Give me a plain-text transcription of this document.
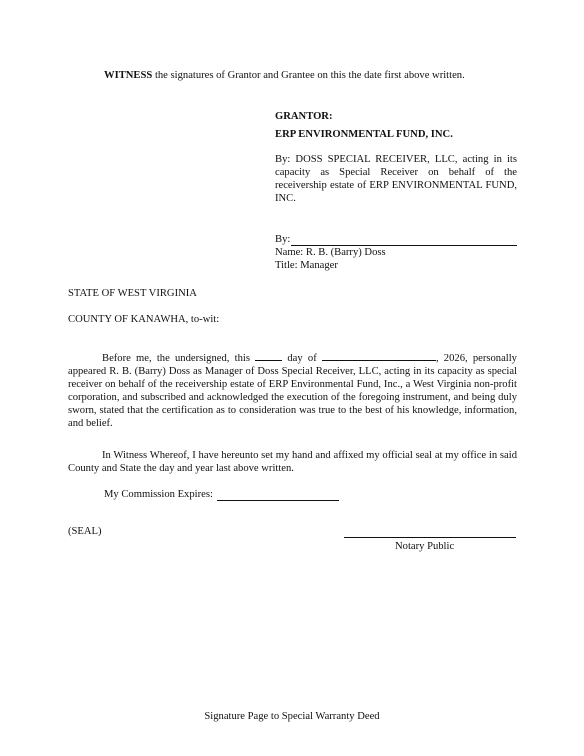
WITNESS the signatures of Grantor and Grantee on this the date first above written.
GRANTOR:
ERP ENVIRONMENTAL FUND, INC.
By: DOSS SPECIAL RECEIVER, LLC, acting in its capacity as Special Receiver on behalf of the receivership estate of ERP ENVIRONMENTAL FUND, INC.
By:
Name: R. B. (Barry) Doss
Title: Manager
STATE OF WEST VIRGINIA
COUNTY OF KANAWHA, to-wit:
Before me, the undersigned, this	day of	, 2026, personally appeared R. B. (Barry) Doss as Manager of Doss Special Receiver, LLC, acting in its capacity as special receiver on behalf of the receivership estate of ERP Environmental Fund, Inc., a West Virginia non-profit corporation, and subscribed and acknowledged the execution of the foregoing instrument, and being duly sworn, stated that the certification as to consideration was true to the best of his knowledge, information, and belief.
In Witness Whereof, I have hereunto set my hand and affixed my official seal at my office in said County and State the day and year last above written.
My Commission Expires:
(SEAL)
Notary Public
Signature Page to Special Warranty Deed
